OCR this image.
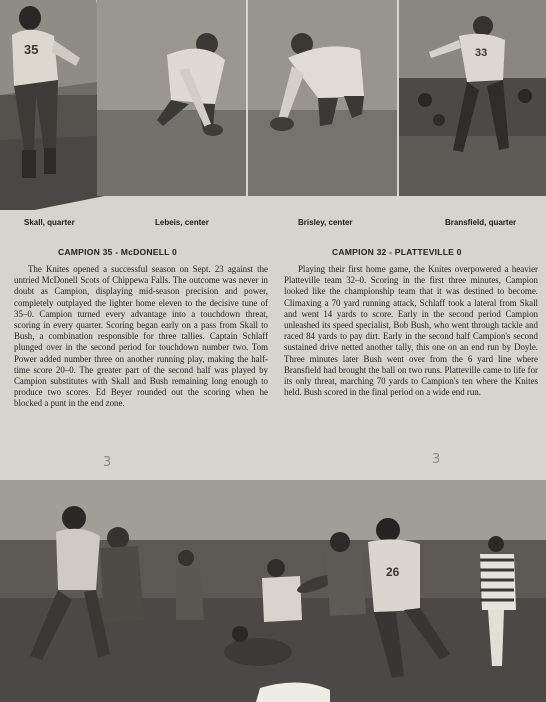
35	33
Skall, quarter	Lebeis, center	Brisley, center	Bransfield, quarter
CAMPION 35 - McDONELL 0
The Knites opened a successful season on Sept. 23 against the untried McDonell Scots of Chippewa Falls. The outcome was never in doubt as Campion, displaying mid-season precision and power, completely outplayed the lighter home eleven to the decisive tune of 35–0. Campion turned every advantage into a touchdown threat, scoring in every quarter. Scoring began early on a pass from Skall to Bush, a combination responsible for three tallies. Captain Schlaff plunged over in the second period for touchdown number two. Tom Power added number three on another running play, making the half-time score 20–0. The greater part of the second half was played by Campion substitutes with Skall and Bush remaining long enough to produce two scores. Ed Beyer rounded out the scoring when he blocked a punt in the end zone.
CAMPION 32 - PLATTEVILLE 0
Playing their first home game, the Knites overpowered a heavier Platteville team 32–0. Scoring in the first three minutes, Campion looked like the championship team that it was destined to become. Climaxing a 70 yard running attack, Schlaff took a lateral from Skall and went 14 yards to score. Early in the second period Campion unleashed its speed specialist, Bob Bush, who went through tackle and raced 84 yards to pay dirt. Early in the second half Campion's second sustained drive netted another tally, this one on an end run by Doyle. Three minutes later Bush went over from the 6 yard line where Bransfield had brought the ball on two runs. Platteville came to life for its only threat, marching 70 yards to Campion's ten where the Knites held. Bush scored in the final period on a wide end run.
3	3
26
